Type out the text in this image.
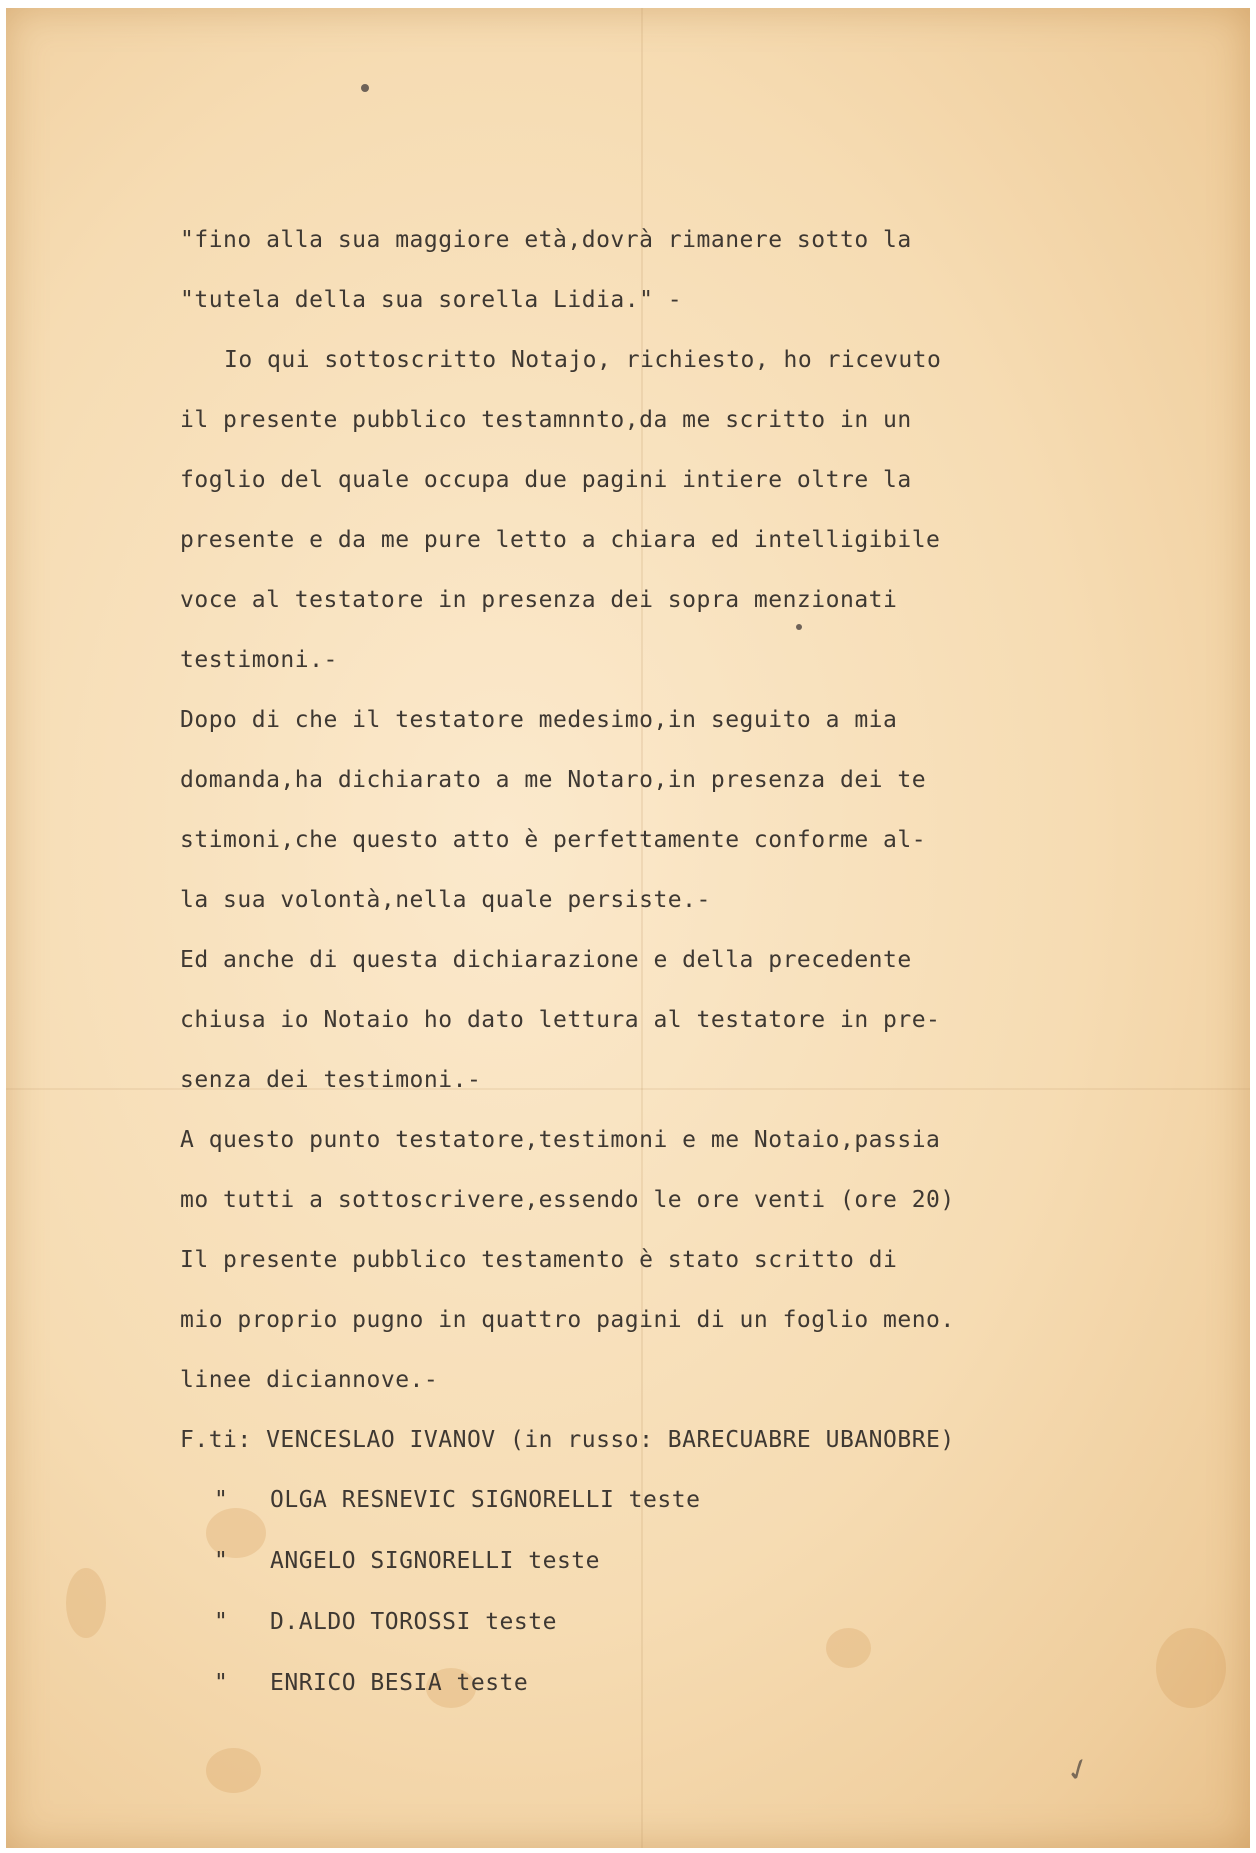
✓
"fino alla sua maggiore età,dovrà rimanere sotto la
"tutela della sua sorella Lidia." -
Io qui sottoscritto Notajo, richiesto, ho ricevuto
il presente pubblico testamnnto,da me scritto in un
foglio del quale occupa due pagini intiere oltre la
presente e da me pure letto a chiara ed intelligibile
voce al testatore in presenza dei sopra menzionati
testimoni.-
Dopo di che il testatore medesimo,in seguito a mia
domanda,ha dichiarato a me Notaro,in presenza dei te
stimoni,che questo atto è perfettamente conforme al-
la sua volontà,nella quale persiste.-
Ed anche di questa dichiarazione e della precedente
chiusa io Notaio ho dato lettura al testatore in pre-
senza dei testimoni.-
A questo punto testatore,testimoni e me Notaio,passia
mo tutti a sottoscrivere,essendo le ore venti (ore 20)
Il presente pubblico testamento è stato scritto di
mio proprio pugno in quattro pagini di un foglio meno.
linee diciannove.-
F.ti: VENCESLAO IVANOV (in russo: BARECUABRE UBANOBRE)
" OLGA RESNEVIC SIGNORELLI teste
" ANGELO SIGNORELLI teste
" D.ALDO TOROSSI teste
" ENRICO BESIA teste
